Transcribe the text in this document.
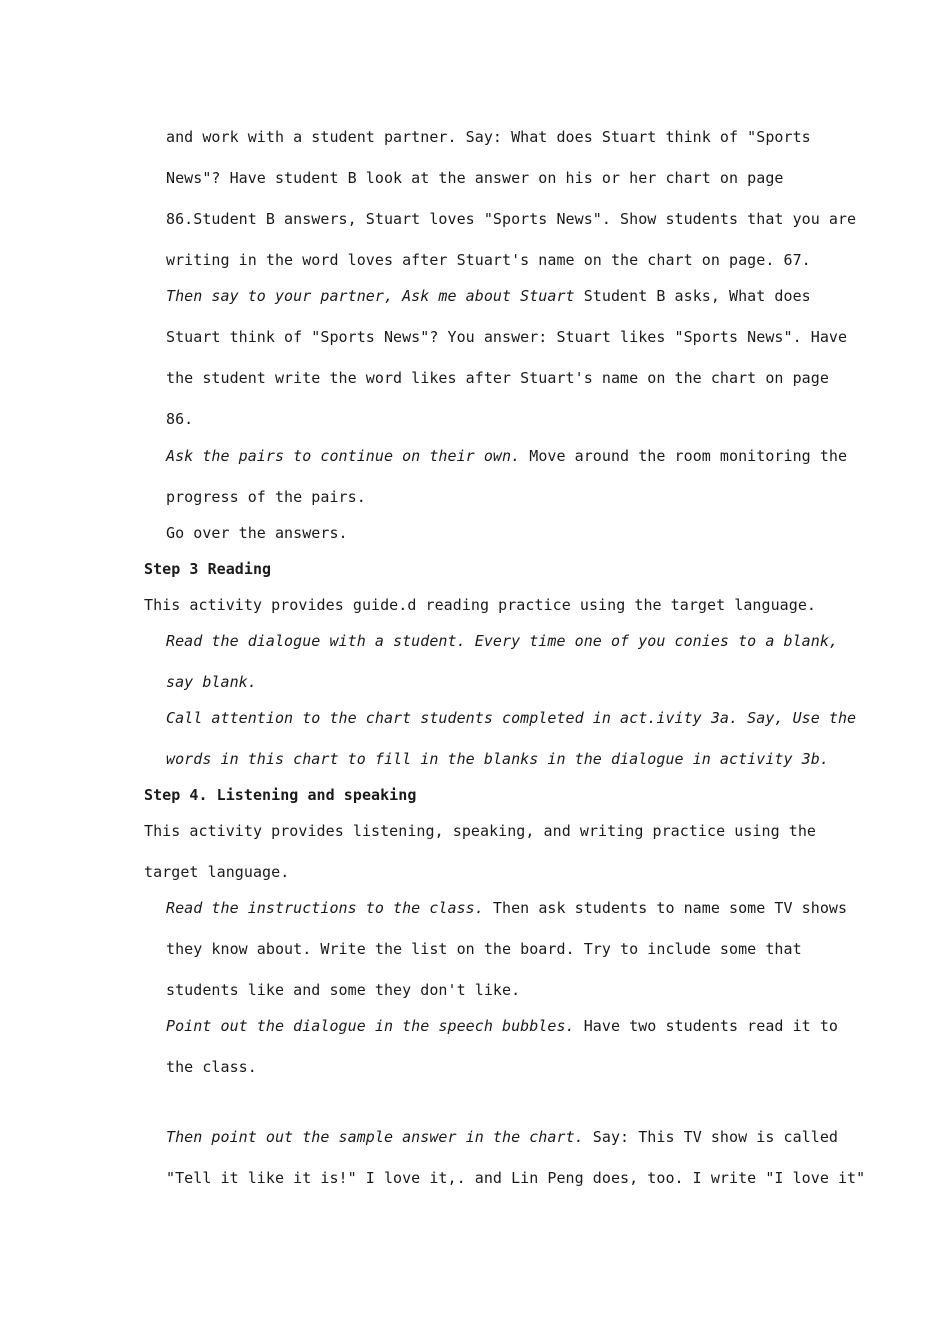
and work with a student partner. Say: What does Stuart think of "Sports
News"? Have student B look at the answer on his or her chart on page
86.Student B answers, Stuart loves "Sports News". Show students that you are
writing in the word loves after Stuart's name on the chart on page. 67.
Then say to your partner, Ask me about Stuart Student B asks, What does
Stuart think of "Sports News"? You answer: Stuart likes "Sports News". Have
the student write the word likes after Stuart's name on the chart on page
86.
Ask the pairs to continue on their own. Move around the room monitoring the
progress of the pairs.
Go over the answers.
Step 3 Reading
This activity provides guide.d reading practice using the target language.
Read the dialogue with a student. Every time one of you conies to a blank,
say blank.
Call attention to the chart students completed in act.ivity 3a. Say, Use the
words in this chart to fill in the blanks in the dialogue in activity 3b.
Step 4. Listening and speaking
This activity provides listening, speaking, and writing practice using the
target language.
Read the instructions to the class. Then ask students to name some TV shows
they know about. Write the list on the board. Try to include some that
students like and some they don't like.
Point out the dialogue in the speech bubbles. Have two students read it to
the class.
Then point out the sample answer in the chart. Say: This TV show is called
"Tell it like it is!" I love it,. and Lin Peng does, too. I write "I love it"
